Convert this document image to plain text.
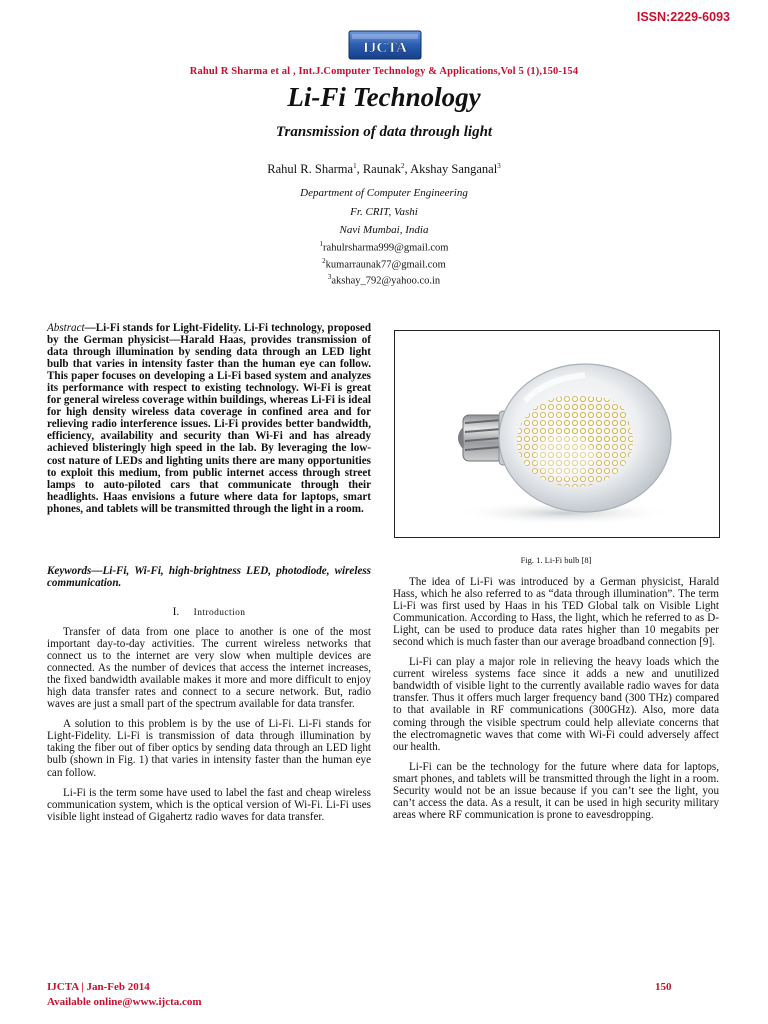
ISSN:2229-6093
IJCTA
Rahul R Sharma et al , Int.J.Computer Technology & Applications,Vol 5 (1),150-154
Li-Fi Technology
Transmission of data through light
Rahul R. Sharma$^1$, Raunak$^2$, Akshay Sanganal$^3$
Department of Computer Engineering
Fr. CRIT, Vashi
Navi Mumbai, India
$^1$rahulrsharma999@gmail.com
$^2$kumarraunak77@gmail.com
$^3$akshay_792@yahoo.co.in

Abstract—Li-Fi stands for Light-Fidelity. Li-Fi technology, proposed by the German physicist—Harald Haas, provides transmission of data through illumination by sending data through an LED light bulb that varies in intensity faster than the human eye can follow. This paper focuses on developing a Li-Fi based system and analyzes its performance with respect to existing technology. Wi-Fi is great for general wireless coverage within buildings, whereas Li-Fi is ideal for high density wireless data coverage in confined area and for relieving radio interference issues. Li-Fi provides better bandwidth, efficiency, availability and security than Wi-Fi and has already achieved blisteringly high speed in the lab. By leveraging the low-cost nature of LEDs and lighting units there are many opportunities to exploit this medium, from public internet access through street lamps to auto-piloted cars that communicate through their headlights. Haas envisions a future where data for laptops, smart phones, and tablets will be transmitted through the light in a room.

Keywords—Li-Fi, Wi-Fi, high-brightness LED, photodiode, wireless communication.
I. Introduction

Transfer of data from one place to another is one of the most important day-to-day activities. The current wireless networks that connect us to the internet are very slow when multiple devices are connected. As the number of devices that access the internet increases, the fixed bandwidth available makes it more and more difficult to enjoy high data transfer rates and connect to a secure network. But, radio waves are just a small part of the spectrum available for data transfer.

A solution to this problem is by the use of Li-Fi. Li-Fi stands for Light-Fidelity. Li-Fi is transmission of data through illumination by taking the fiber out of fiber optics by sending data through an LED light bulb (shown in Fig. 1) that varies in intensity faster than the human eye can follow.

Li-Fi is the term some have used to label the fast and cheap wireless communication system, which is the optical version of Wi-Fi. Li-Fi uses visible light instead of Gigahertz radio waves for data transfer.

Fig. 1. Li-Fi bulb [8]

The idea of Li-Fi was introduced by a German physicist, Harald Hass, which he also referred to as “data through illumination”. The term Li-Fi was first used by Haas in his TED Global talk on Visible Light Communication. According to Hass, the light, which he referred to as D-Light, can be used to produce data rates higher than 10 megabits per second which is much faster than our average broadband connection [9].

Li-Fi can play a major role in relieving the heavy loads which the current wireless systems face since it adds a new and unutilized bandwidth of visible light to the currently available radio waves for data transfer. Thus it offers much larger frequency band (300 THz) compared to that available in RF communications (300GHz). Also, more data coming through the visible spectrum could help alleviate concerns that the electromagnetic waves that come with Wi-Fi could adversely affect our health.

Li-Fi can be the technology for the future where data for laptops, smart phones, and tablets will be transmitted through the light in a room. Security would not be an issue because if you can’t see the light, you can’t access the data. As a result, it can be used in high security military areas where RF communication is prone to eavesdropping.

IJCTA | Jan-Feb 2014
Available online@www.ijcta.com
150
